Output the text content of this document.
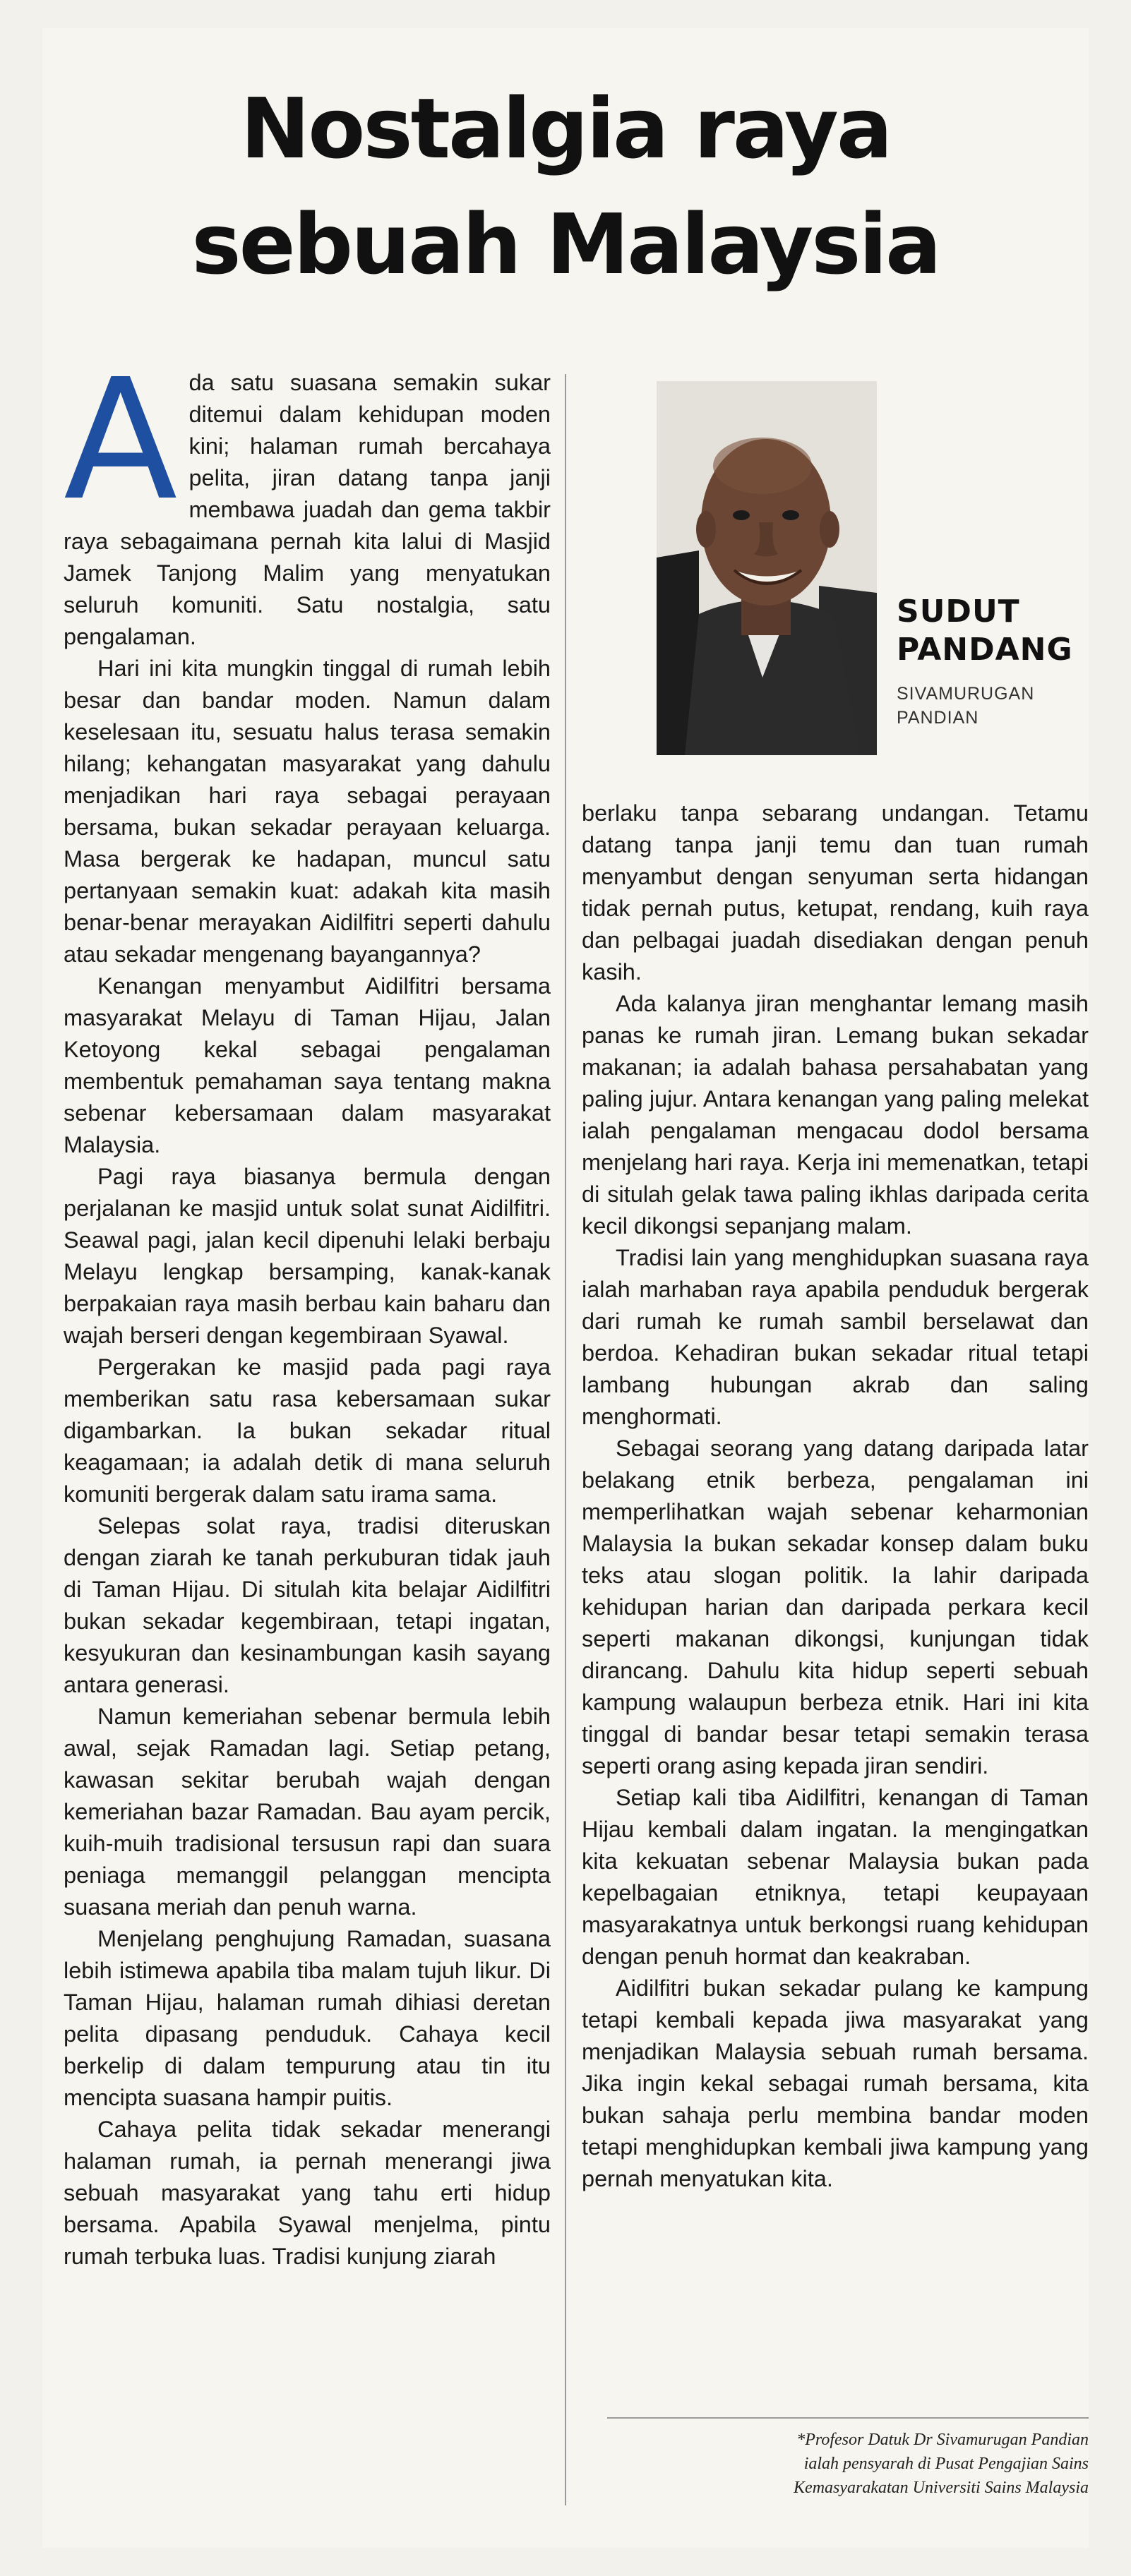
Nostalgia raya
sebuah Malaysia

Ada satu suasana semakin sukar ditemui dalam kehidupan moden kini; halaman rumah bercahaya pelita, jiran datang tanpa janji membawa juadah dan gema takbir raya sebagaimana pernah kita lalui di Masjid Jamek Tanjong Malim yang menyatukan seluruh komuniti. Satu nostalgia, satu pengalaman.

Hari ini kita mungkin tinggal di rumah lebih besar dan bandar moden. Namun dalam keselesaan itu, sesuatu halus terasa semakin hilang; kehangatan masyarakat yang dahulu menjadikan hari raya sebagai perayaan bersama, bukan sekadar perayaan keluarga. Masa bergerak ke hadapan, muncul satu pertanyaan semakin kuat: adakah kita masih benar-benar merayakan Aidilfitri seperti dahulu atau sekadar mengenang bayangannya?

Kenangan menyambut Aidilfitri bersama masyarakat Melayu di Taman Hijau, Jalan Ketoyong kekal sebagai pengalaman membentuk pemahaman saya tentang makna sebenar kebersamaan dalam masyarakat Malaysia.

Pagi raya biasanya bermula dengan perjalanan ke masjid untuk solat sunat Aidilfitri. Seawal pagi, jalan kecil dipenuhi lelaki berbaju Melayu lengkap bersamping, kanak-kanak berpakaian raya masih berbau kain baharu dan wajah berseri dengan kegembiraan Syawal.

Pergerakan ke masjid pada pagi raya memberikan satu rasa kebersamaan sukar digambarkan. Ia bukan sekadar ritual keagamaan; ia adalah detik di mana seluruh komuniti bergerak dalam satu irama sama.

Selepas solat raya, tradisi diteruskan dengan ziarah ke tanah perkuburan tidak jauh di Taman Hijau. Di situlah kita belajar Aidilfitri bukan sekadar kegembiraan, tetapi ingatan, kesyukuran dan kesinambungan kasih sayang antara generasi.

Namun kemeriahan sebenar bermula lebih awal, sejak Ramadan lagi. Setiap petang, kawasan sekitar berubah wajah dengan kemeriahan bazar Ramadan. Bau ayam percik, kuih-muih tradisional tersusun rapi dan suara peniaga memanggil pelanggan mencipta suasana meriah dan penuh warna.

Menjelang penghujung Ramadan, suasana lebih istimewa apabila tiba malam tujuh likur. Di Taman Hijau, halaman rumah dihiasi deretan pelita dipasang penduduk. Cahaya kecil berkelip di dalam tempurung atau tin itu mencipta suasana hampir puitis.

Cahaya pelita tidak sekadar menerangi halaman rumah, ia pernah menerangi jiwa sebuah masyarakat yang tahu erti hidup bersama. Apabila Syawal menjelma, pintu rumah terbuka luas. Tradisi kunjung ziarah

SUDUT
PANDANG
SIVAMURUGAN
PANDIAN

berlaku tanpa sebarang undangan. Tetamu datang tanpa janji temu dan tuan rumah menyambut dengan senyuman serta hidangan tidak pernah putus, ketupat, rendang, kuih raya dan pelbagai juadah disediakan dengan penuh kasih.

Ada kalanya jiran menghantar lemang masih panas ke rumah jiran. Lemang bukan sekadar makanan; ia adalah bahasa persahabatan yang paling jujur. Antara kenangan yang paling melekat ialah pengalaman mengacau dodol bersama menjelang hari raya. Kerja ini memenatkan, tetapi di situlah gelak tawa paling ikhlas daripada cerita kecil dikongsi sepanjang malam.

Tradisi lain yang menghidupkan suasana raya ialah marhaban raya apabila penduduk bergerak dari rumah ke rumah sambil berselawat dan berdoa. Kehadiran bukan sekadar ritual tetapi lambang hubungan akrab dan saling menghormati.

Sebagai seorang yang datang daripada latar belakang etnik berbeza, pengalaman ini memperlihatkan wajah sebenar keharmonian Malaysia Ia bukan sekadar konsep dalam buku teks atau slogan politik. Ia lahir daripada kehidupan harian dan daripada perkara kecil seperti makanan dikongsi, kunjungan tidak dirancang. Dahulu kita hidup seperti sebuah kampung walaupun berbeza etnik. Hari ini kita tinggal di bandar besar tetapi semakin terasa seperti orang asing kepada jiran sendiri.

Setiap kali tiba Aidilfitri, kenangan di Taman Hijau kembali dalam ingatan. Ia mengingatkan kita kekuatan sebenar Malaysia bukan pada kepelbagaian etniknya, tetapi keupayaan masyarakatnya untuk berkongsi ruang kehidupan dengan penuh hormat dan keakraban.

Aidilfitri bukan sekadar pulang ke kampung tetapi kembali kepada jiwa masyarakat yang menjadikan Malaysia sebuah rumah bersama. Jika ingin kekal sebagai rumah bersama, kita bukan sahaja perlu membina bandar moden tetapi menghidupkan kembali jiwa kampung yang pernah menyatukan kita.

*Profesor Datuk Dr Sivamurugan Pandian
ialah pensyarah di Pusat Pengajian Sains
Kemasyarakatan Universiti Sains Malaysia
